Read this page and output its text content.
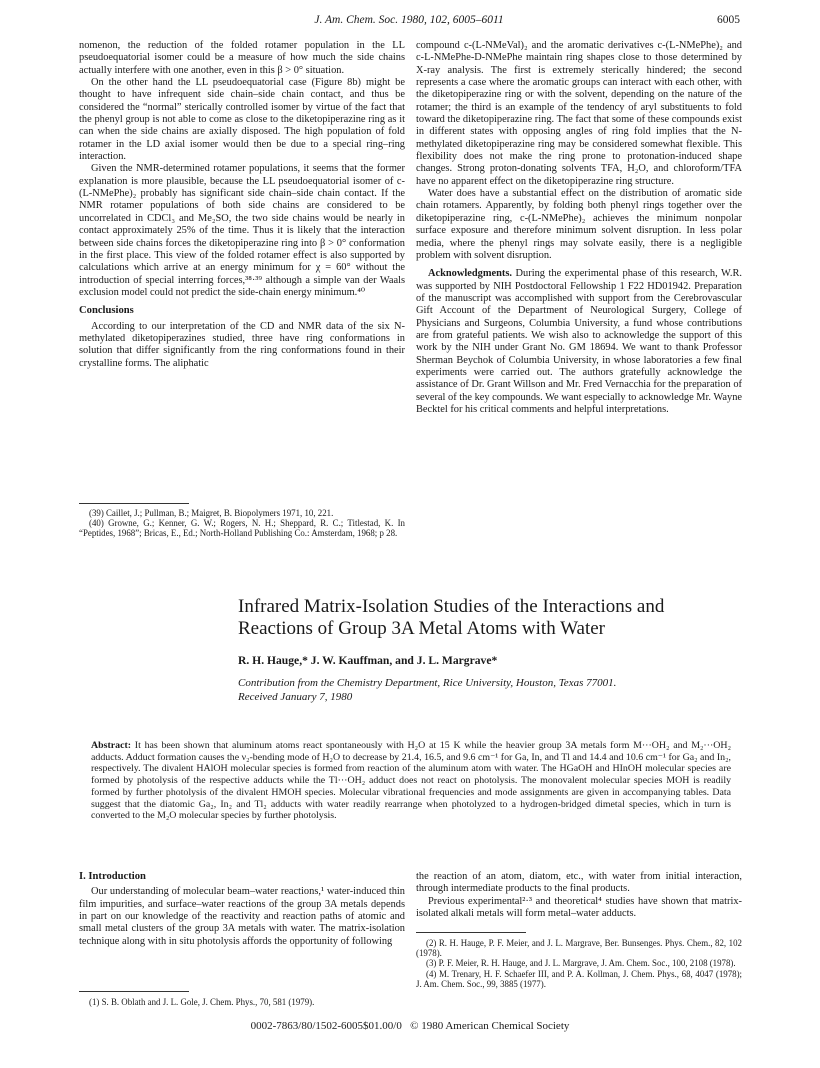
J. Am. Chem. Soc. 1980, 102, 6005–6011	6005

nomenon, the reduction of the folded rotamer population in the LL pseudoequatorial isomer could be a measure of how much the side chains actually interfere with one another, even in this β > 0° situation.

On the other hand the LL pseudoequatorial case (Figure 8b) might be thought to have infrequent side chain–side chain contact, and thus be considered the “normal” sterically controlled isomer by virtue of the fact that the phenyl group is not able to come as close to the diketopiperazine ring as it can when the side chains are axially disposed. The high population of fold rotamer in the LD axial isomer would then be due to a special ring–ring interaction.

Given the NMR-determined rotamer populations, it seems that the former explanation is more plausible, because the LL pseudoequatorial isomer of c-(L-NMePhe)₂ probably has significant side chain–side chain contact. If the NMR rotamer populations of both side chains are considered to be uncorrelated in CDCl₃ and Me₂SO, the two side chains would be nearly in contact approximately 25% of the time. Thus it is likely that the interaction between side chains forces the diketopiperazine ring into β > 0° conformation in the first place. This view of the folded rotamer effect is also supported by calculations which arrive at an energy minimum for χ = 60° without the introduction of special interring forces,³⁸·³⁹ although a simple van der Waals exclusion model could not predict the side-chain energy minimum.⁴⁰

Conclusions

According to our interpretation of the CD and NMR data of the six N-methylated diketopiperazines studied, three have ring conformations in solution that differ significantly from the ring conformations found in their crystalline forms. The aliphatic

(39) Caillet, J.; Pullman, B.; Maigret, B. Biopolymers 1971, 10, 221.

(40) Growne, G.; Kenner, G. W.; Rogers, N. H.; Sheppard, R. C.; Titlestad, K. In “Peptides, 1968”; Bricas, E., Ed.; North-Holland Publishing Co.: Amsterdam, 1968; p 28.

compound c-(L-NMeVal)₂ and the aromatic derivatives c-(L-NMePhe)₂ and c-L-NMePhe-D-NMePhe maintain ring shapes close to those determined by X-ray analysis. The first is extremely sterically hindered; the second represents a case where the aromatic groups can interact with each other, with the diketopiperazine ring or with the solvent, depending on the nature of the rotamer; the third is an example of the tendency of aryl substituents to fold toward the diketopiperazine ring. The fact that some of these compounds exist in different states with opposing angles of ring fold implies that the N-methylated diketopiperazine ring may be considered somewhat flexible. This flexibility does not make the ring prone to protonation-induced shape changes. Strong proton-donating solvents TFA, H₂O, and chloroform/TFA have no apparent effect on the diketopiperazine ring structure.

Water does have a substantial effect on the distribution of aromatic side chain rotamers. Apparently, by folding both phenyl rings together over the diketopiperazine ring, c-(L-NMePhe)₂ achieves the minimum nonpolar surface exposure and therefore minimum solvent disruption. In less polar media, where the phenyl rings may solvate easily, there is a negligible problem with solvent disruption.

Acknowledgments. During the experimental phase of this research, W.R. was supported by NIH Postdoctoral Fellowship 1 F22 HD01942. Preparation of the manuscript was accomplished with support from the Cerebrovascular Gift Account of the Department of Neurological Surgery, College of Physicians and Surgeons, Columbia University, a fund whose contributions are from grateful patients. We wish also to acknowledge the support of this work by the NIH under Grant No. GM 18694. We want to thank Professor Sherman Beychok of Columbia University, in whose laboratories a few final experiments were carried out. The authors gratefully acknowledge the assistance of Dr. Grant Willson and Mr. Fred Vernacchia for the preparation of several of the key compounds. We want especially to acknowledge Mr. Wayne Becktel for his critical comments and helpful interpretations.

Infrared Matrix-Isolation Studies of the Interactions and
Reactions of Group 3A Metal Atoms with Water
R. H. Hauge,* J. W. Kauffman, and J. L. Margrave*
Contribution from the Chemistry Department, Rice University, Houston, Texas 77001.
Received January 7, 1980
Abstract: It has been shown that aluminum atoms react spontaneously with H₂O at 15 K while the heavier group 3A metals form M···OH₂ and M₂···OH₂ adducts. Adduct formation causes the ν₂-bending mode of H₂O to decrease by 21.4, 16.5, and 9.6 cm⁻¹ for Ga, In, and Tl and 14.4 and 10.6 cm⁻¹ for Ga₂ and In₂, respectively. The divalent HAlOH molecular species is formed from reaction of the aluminum atom with water. The HGaOH and HInOH molecular species are formed by photolysis of the respective adducts while the Tl···OH₂ adduct does not react on photolysis. The monovalent molecular species MOH is readily formed by further photolysis of the divalent HMOH species. Molecular vibrational frequencies and mode assignments are given in accompanying tables. Data suggest that the diatomic Ga₂, In₂ and Tl₂ adducts with water readily rearrange when photolyzed to a hydrogen-bridged dimetal species, which in turn is converted to the M₂O molecular species by further photolysis.
I. Introduction

Our understanding of molecular beam–water reactions,¹ water-induced thin film impurities, and surface–water reactions of the group 3A metals depends in part on our knowledge of the reactivity and reaction paths of atomic and small metal clusters of the group 3A metals with water. The matrix-isolation technique along with in situ photolysis affords the opportunity of following

(1) S. B. Oblath and J. L. Gole, J. Chem. Phys., 70, 581 (1979).

the reaction of an atom, diatom, etc., with water from initial interaction, through intermediate products to the final products.

Previous experimental²·³ and theoretical⁴ studies have shown that matrix-isolated alkali metals will form metal–water adducts.

(2) R. H. Hauge, P. F. Meier, and J. L. Margrave, Ber. Bunsenges. Phys. Chem., 82, 102 (1978).

(3) P. F. Meier, R. H. Hauge, and J. L. Margrave, J. Am. Chem. Soc., 100, 2108 (1978).

(4) M. Trenary, H. F. Schaefer III, and P. A. Kollman, J. Chem. Phys., 68, 4047 (1978); J. Am. Chem. Soc., 99, 3885 (1977).

0002-7863/80/1502-6005$01.00/0 © 1980 American Chemical Society
